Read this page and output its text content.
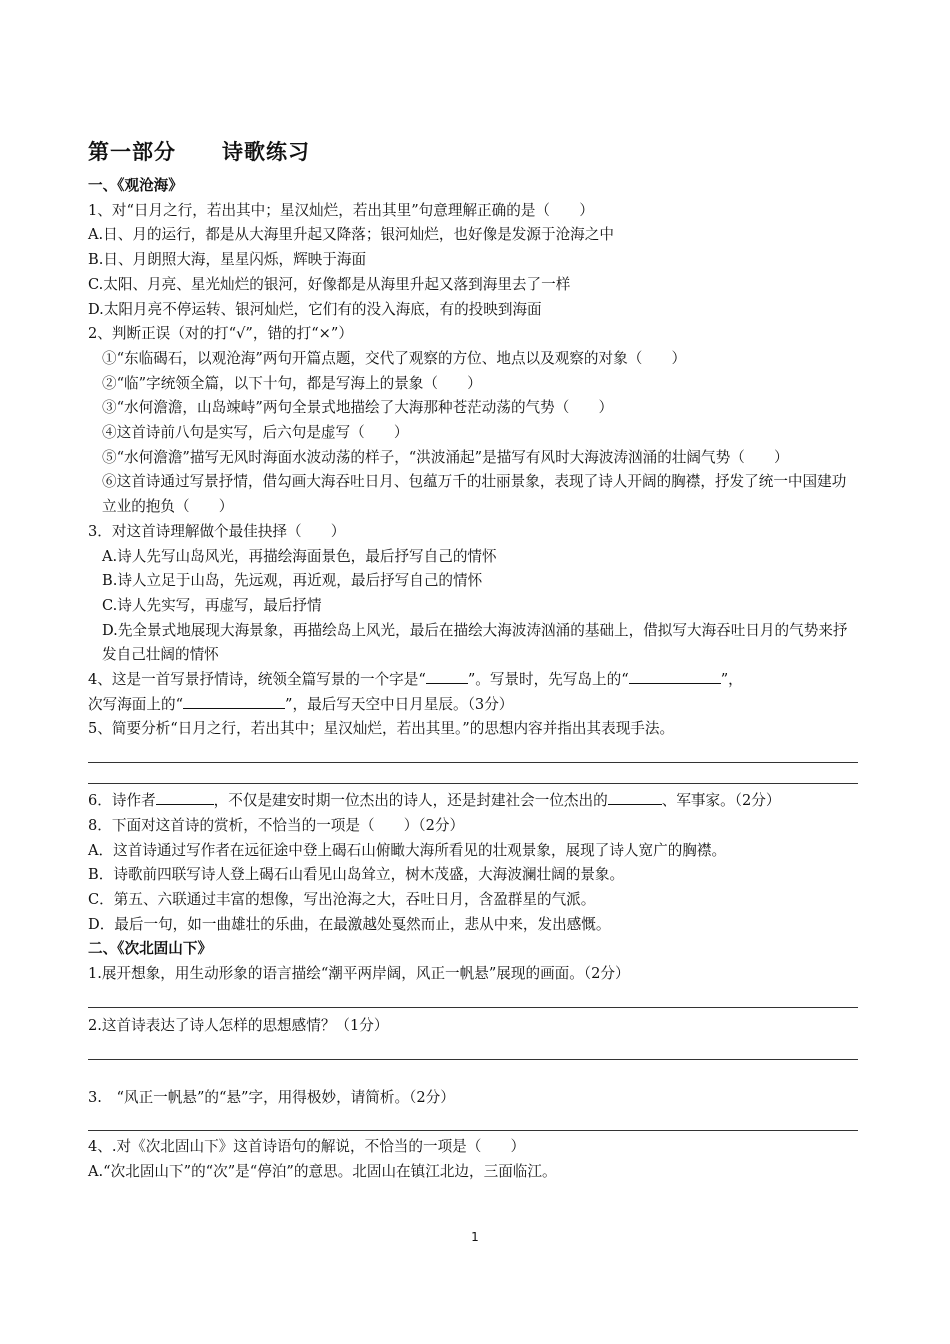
第一部分 诗歌练习

一、《观沧海》

1、对“日月之行，若出其中；星汉灿烂，若出其里”句意理解正确的是（　　）

A.日、月的运行，都是从大海里升起又降落；银河灿烂，也好像是发源于沧海之中

B.日、月朗照大海，星星闪烁，辉映于海面

C.太阳、月亮、星光灿烂的银河，好像都是从海里升起又落到海里去了一样

D.太阳月亮不停运转、银河灿烂，它们有的没入海底，有的投映到海面

2、判断正误（对的打“√”，错的打“×”）

①“东临碣石，以观沧海”两句开篇点题，交代了观察的方位、地点以及观察的对象（　　）

②“临”字统领全篇，以下十句，都是写海上的景象（　　）

③“水何澹澹，山岛竦峙”两句全景式地描绘了大海那种苍茫动荡的气势（　　）

④这首诗前八句是实写，后六句是虚写（　　）

⑤“水何澹澹”描写无风时海面水波动荡的样子，“洪波涌起”是描写有风时大海波涛汹涌的壮阔气势（　　）

⑥这首诗通过写景抒情，借勾画大海吞吐日月、包蕴万千的壮丽景象，表现了诗人开阔的胸襟，抒发了统一中国建功立业的抱负（　　）

3．对这首诗理解做个最佳抉择（　　）

A.诗人先写山岛风光，再描绘海面景色，最后抒写自己的情怀

B.诗人立足于山岛，先远观，再近观，最后抒写自己的情怀

C.诗人先实写，再虚写，最后抒情

D.先全景式地展现大海景象，再描绘岛上风光，最后在描绘大海波涛汹涌的基础上，借拟写大海吞吐日月的气势来抒发自己壮阔的情怀

4、这是一首写景抒情诗，统领全篇写景的一个字是“	”。写景时，先写岛上的“	”，

次写海面上的“	”，最后写天空中日月星辰。（3分）

5、简要分析“日月之行，若出其中；星汉灿烂，若出其里。”的思想内容并指出其表现手法。

6．诗作者	，不仅是建安时期一位杰出的诗人，还是封建社会一位杰出的	、军事家。（2分）

8．下面对这首诗的赏析，不恰当的一项是（　　）（2分）

A．这首诗通过写作者在远征途中登上碣石山俯瞰大海所看见的壮观景象，展现了诗人宽广的胸襟。

B．诗歌前四联写诗人登上碣石山看见山岛耸立，树木茂盛，大海波澜壮阔的景象。

C．第五、六联通过丰富的想像，写出沧海之大，吞吐日月，含盈群星的气派。

D．最后一句，如一曲雄壮的乐曲，在最激越处戛然而止，悲从中来，发出感慨。

二、《次北固山下》

1.展开想象，用生动形象的语言描绘“潮平两岸阔，风正一帆悬”展现的画面。（2分）

2.这首诗表达了诗人怎样的思想感情？（1分）

3.　“风正一帆悬”的“悬”字，用得极妙，请简析。（2分）

4、.对《次北固山下》这首诗语句的解说，不恰当的一项是（　　）

A.“次北固山下”的“次”是“停泊”的意思。北固山在镇江北边，三面临江。

1
